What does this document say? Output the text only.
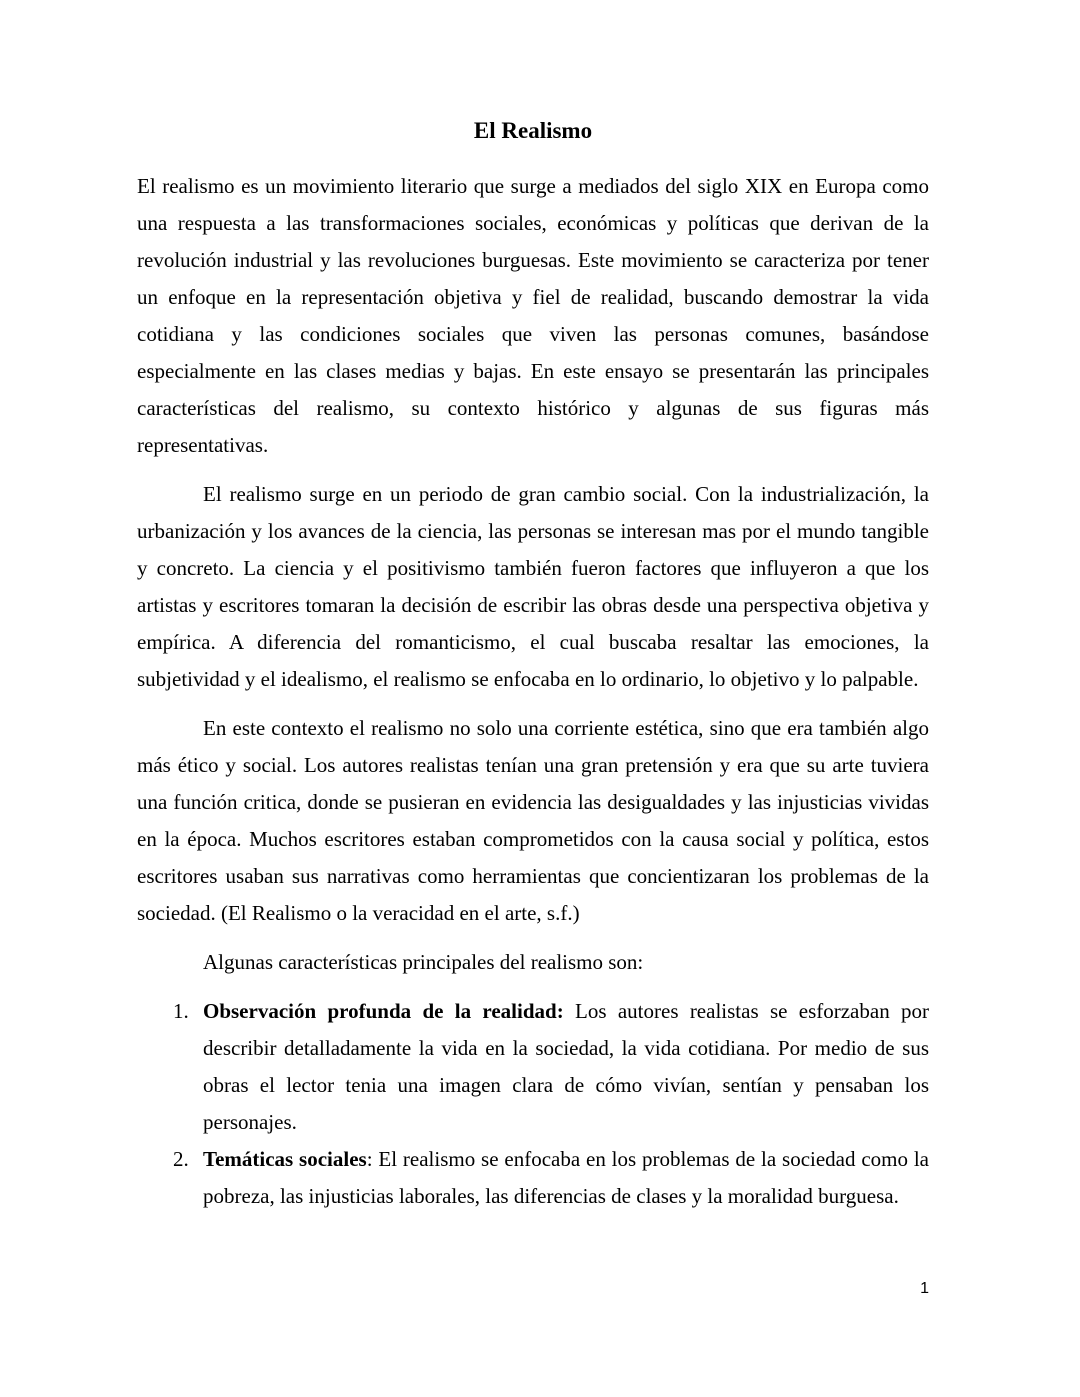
El Realismo

El realismo es un movimiento literario que surge a mediados del siglo XIX en Europa como una respuesta a las transformaciones sociales, económicas y políticas que derivan de la revolución industrial y las revoluciones burguesas. Este movimiento se caracteriza por tener un enfoque en la representación objetiva y fiel de realidad, buscando demostrar la vida cotidiana y las condiciones sociales que viven las personas comunes, basándose especialmente en las clases medias y bajas. En este ensayo se presentarán las principales características del realismo, su contexto histórico y algunas de sus figuras más representativas.

El realismo surge en un periodo de gran cambio social. Con la industrialización, la urbanización y los avances de la ciencia, las personas se interesan mas por el mundo tangible y concreto. La ciencia y el positivismo también fueron factores que influyeron a que los artistas y escritores tomaran la decisión de escribir las obras desde una perspectiva objetiva y empírica. A diferencia del romanticismo, el cual buscaba resaltar las emociones, la subjetividad y el idealismo, el realismo se enfocaba en lo ordinario, lo objetivo y lo palpable.

En este contexto el realismo no solo una corriente estética, sino que era también algo más ético y social. Los autores realistas tenían una gran pretensión y era que su arte tuviera una función critica, donde se pusieran en evidencia las desigualdades y las injusticias vividas en la época. Muchos escritores estaban comprometidos con la causa social y política, estos escritores usaban sus narrativas como herramientas que concientizaran los problemas de la sociedad. (El Realismo o la veracidad en el arte, s.f.)

Algunas características principales del realismo son:

1. Observación profunda de la realidad: Los autores realistas se esforzaban por describir detalladamente la vida en la sociedad, la vida cotidiana. Por medio de sus obras el lector tenia una imagen clara de cómo vivían, sentían y pensaban los personajes.
2. Temáticas sociales: El realismo se enfocaba en los problemas de la sociedad como la pobreza, las injusticias laborales, las diferencias de clases y la moralidad burguesa.
1
